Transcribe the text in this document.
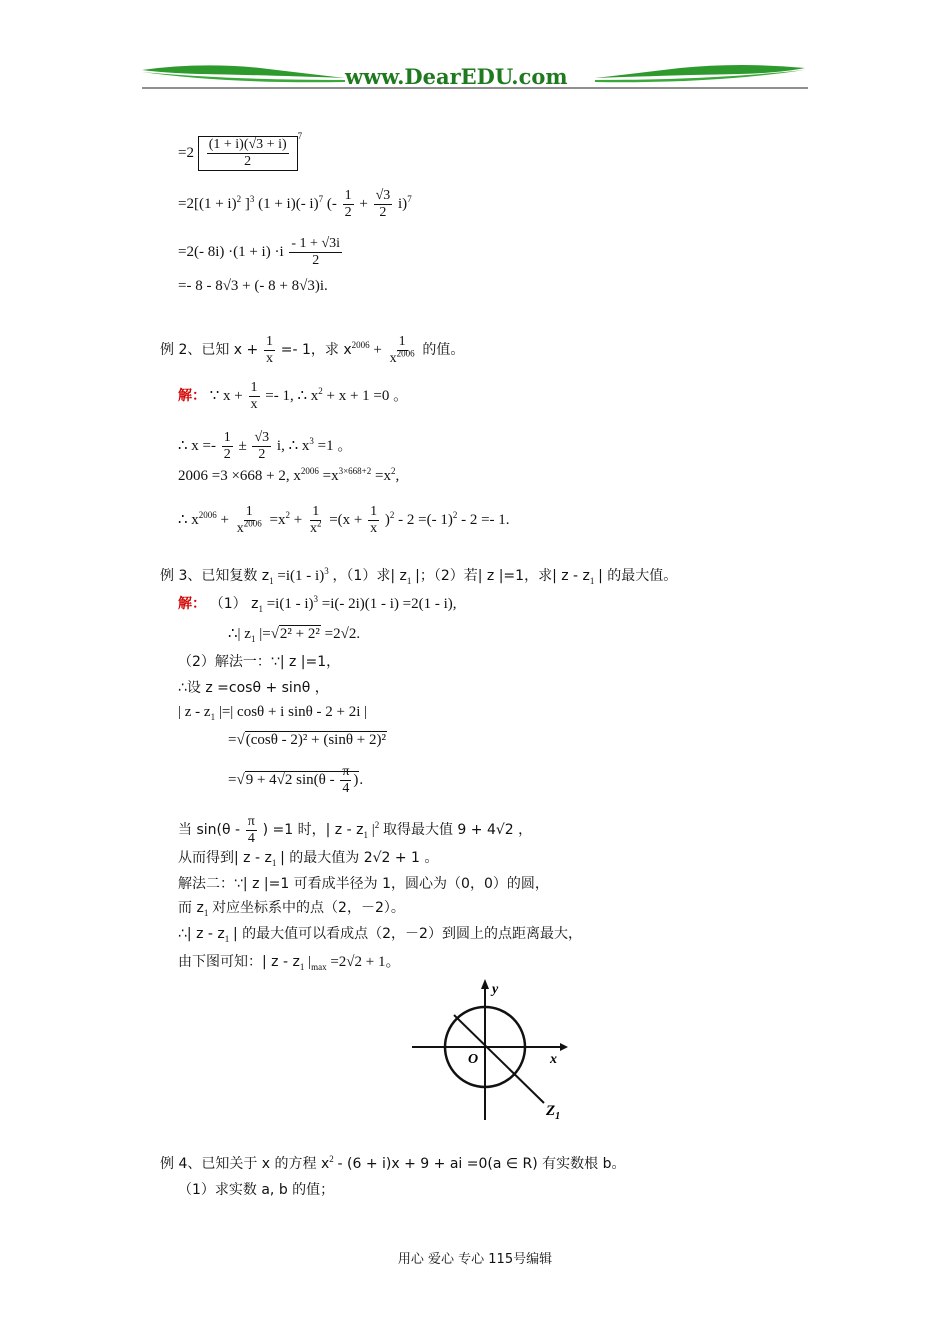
www.DearEDU.com
$=2 \frac{(1 + i)(√3 + i)}{2}$
$^7$
$=2[(1 + i)^2$ ]$^3$ (1 + i)(- i)$^7$ (- $\frac{1}{2} + \frac{√3}{2} i)^7$
=2(- $8i) \cdot(1 + i) \cdot i \frac{- 1 + √3i}{2}$
=- 8 - 8√3 + (- 8 + 8√3)i.
例 2、已知 $x + \frac{1}{x} =- 1$，求 $x^{2006} + \frac{1}{x^{2006}}$ 的值。
解： ∵ $x + \frac{1}{x} =- 1$, ∴ $x^2 + x + 1 =0$ 。
∴ $x =- \frac{1}{2} \pm \frac{√3}{2} i$, ∴ $x^3 =1$ 。
2006 =3 ×668 + 2, $x^{2006} =x^{3\times 668+2} =x^2$,
∴ $x^{2006} + \frac{1}{x^{2006}} =x^2 + \frac{1}{x^2} =(x + \frac{1}{x} )^2 - 2$ =(- 1)$^2$ - 2 =- 1.
例 3、已知复数 $z_1 =i(1 - i)^3$ ，（1）求| $z_1$ |；（2）若| z |=1，求| z - $z_1$ | 的最大值。
解： （1） $z_1 =i(1 - i)^3 =i(-$ 2i)(1 - i) =2(1 - i),
∴| $z_1$ |=√2² + 2² =2√2.
（2）解法一：∵| z |=1，
∴设 z =cosθ + sinθ ，
| z - $z_1$ |=| cosθ + i sinθ - 2 + 2i |
=√(cosθ - 2)² + (sinθ + 2)²
=√9 + 4√2 $\sin(\theta - \frac{\pi}{4}$ ).
当 $\sin(\theta - \frac{\pi}{4}$ ) =1 时，| z - $z_1$ $|^2$ 取得最大值 9 + 4√2 ，
从而得到| z - $z_1$ | 的最大值为 2√2 + 1 。
解法二：∵| z |=1 可看成半径为 1，圆心为（0，0）的圆，
而 $z_1$ 对应坐标系中的点（2，－2）。
∴| z - $z_1$ | 的最大值可以看成点（2，－2）到圆上的点距离最大，
由下图可知：| z - $z_1$ $|_{max} =2√2 + 1$。
y
x
O
$Z_1$
例 4、已知关于 x 的方程 $x^2 - (6 + i)x + 9$ + ai =0(a ∈ R) 有实数根 b。
（1）求实数 a, b 的值；
用心 爱心 专心 115号编辑
